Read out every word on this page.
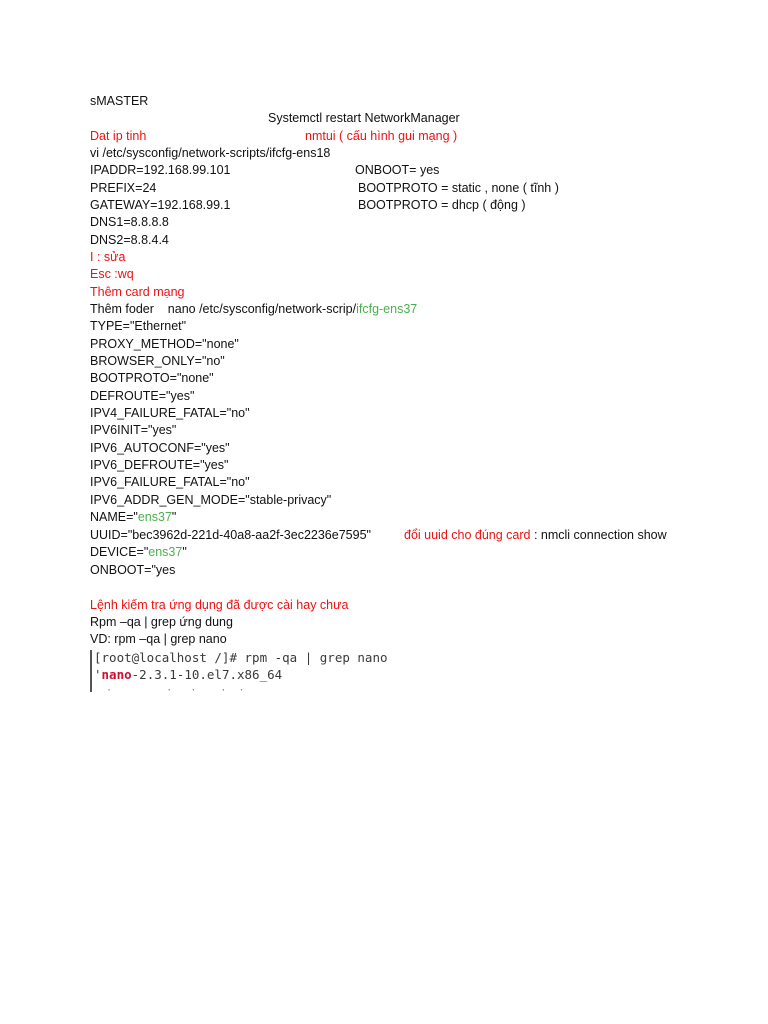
sMASTER
Systemctl restart NetworkManager
Dat ip tinh	nmtui ( cấu hình gui mạng )
vi /etc/sysconfig/network-scripts/ifcfg-ens18
IPADDR=192.168.99.101	ONBOOT= yes
PREFIX=24	BOOTPROTO = static , none ( tĩnh )
GATEWAY=192.168.99.1	BOOTPROTO = dhcp ( động )
DNS1=8.8.8.8
DNS2=8.8.4.4
I : sửa
Esc :wq
Thêm card mạng
Thêm foder    nano /etc/sysconfig/network-scrip/ifcfg-ens37
TYPE="Ethernet"
PROXY_METHOD="none"
BROWSER_ONLY="no"
BOOTPROTO="none"
DEFROUTE="yes"
IPV4_FAILURE_FATAL="no"
IPV6INIT="yes"
IPV6_AUTOCONF="yes"
IPV6_DEFROUTE="yes"
IPV6_FAILURE_FATAL="no"
IPV6_ADDR_GEN_MODE="stable-privacy"
NAME="ens37"
UUID="bec3962d-221d-40a8-aa2f-3ec2236e7595"	đổi uuid cho đúng card : nmcli connection show
DEVICE="ens37"
ONBOOT="yes
Lệnh kiếm tra ứng dụng đã được cài hay chưa
Rpm –qa | grep ứng dung
VD: rpm –qa | grep nano
[root@localhost /]# rpm -qa | grep nano
'nano-2.3.1-10.el7.x86_64
·         ·   ·    ·  ·
